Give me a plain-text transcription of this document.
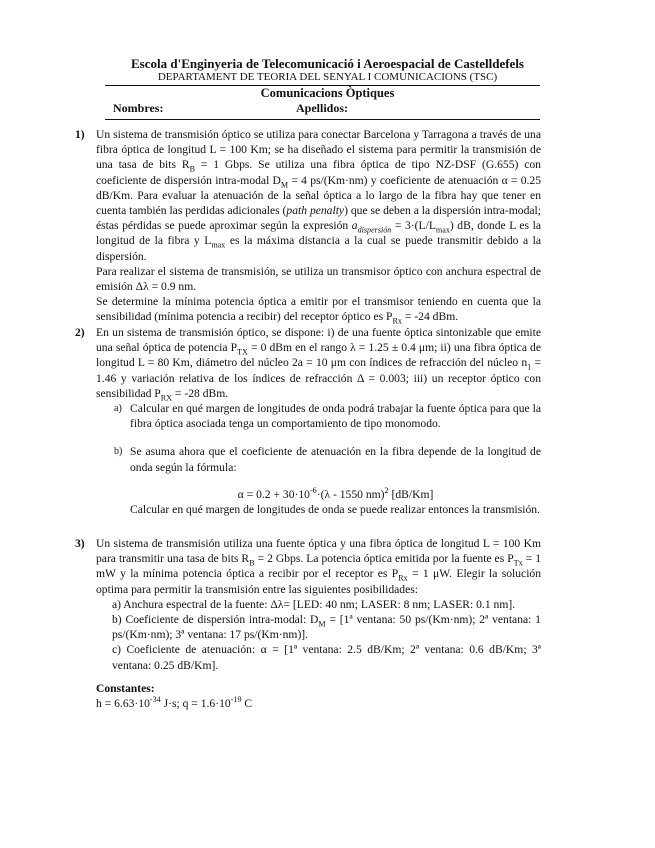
Escola d'Enginyeria de Telecomunicació i Aeroespacial de Castelldefels
DEPARTAMENT DE TEORIA DEL SENYAL I COMUNICACIONS (TSC)
Comunicacions Òptiques
Nombres:	Apellidos:
1) Un sistema de transmisión óptico se utiliza para conectar Barcelona y Tarragona a través de una fibra óptica de longitud L = 100 Km; se ha diseñado el sistema para permitir la transmisión de una tasa de bits $R_B = 1$ Gbps. Se utiliza una fibra óptica de tipo NZ-DSF (G.655) con coeficiente de dispersión intra-modal $D_M = 4$ ps/(Km·nm) y coeficiente de atenuación α = 0.25 dB/Km. Para evaluar la atenuación de la señal óptica a lo largo de la fibra hay que tener en cuenta también las perdidas adicionales (path penalty) que se deben a la dispersión intra-modal; éstas pérdidas se puede aproximar según la expresión $a_{dispersión} = 3\cdot(L/L_{max})$ dB, donde L es la longitud de la fibra y $L_{max}$ es la máxima distancia a la cual se puede transmitir debido a la dispersión.

Para realizar el sistema de transmisión, se utiliza un transmisor óptico con anchura espectral de emisión Δλ = 0.9 nm.

Se determine la mínima potencia óptica a emitir por el transmisor teniendo en cuenta que la sensibilidad (mínima potencia a recibir) del receptor óptico es $P_{Rx} = -24$ dBm.

2) En un sistema de transmisión óptico, se dispone: i) de una fuente óptica sintonizable que emite una señal óptica de potencia $P_{TX} = 0$ dBm en el rango λ = 1.25 ± 0.4 μm; ii) una fibra óptica de longitud L = 80 Km, diámetro del núcleo 2a = 10 μm con índices de refracción del núcleo $n_1 = 1.46$ y variación relativa de los índices de refracción Δ = 0.003; iii) un receptor óptico con sensibilidad $P_{RX} = -28$ dBm.

a) Calcular en qué margen de longitudes de onda podrá trabajar la fuente óptica para que la fibra óptica asociada tenga un comportamiento de tipo monomodo.

b) Se asuma ahora que el coeficiente de atenuación en la fibra depende de la longitud de onda según la fórmula:

$\alpha = 0.2 + 30\cdot 10^{-6}\cdot(\lambda - 1550$ nm)$^2$ [dB/Km]

Calcular en qué margen de longitudes de onda se puede realizar entonces la transmisión.

3) Un sistema de transmisión utiliza una fuente óptica y una fibra óptica de longitud L = 100 Km para transmitir una tasa de bits $R_B = 2$ Gbps. La potencia óptica emitida por la fuente es $P_{Tx} = 1$ mW y la mínima potencia óptica a recibir por el receptor es $P_{Rx} = 1$ μW. Elegir la solución optima para permitir la transmisión entre las siguientes posibilidades:

a) Anchura espectral de la fuente: Δλ= [LED: 40 nm; LASER: 8 nm; LASER: 0.1 nm].

b) Coeficiente de dispersión intra-modal: $D_M$ = [1ª ventana: 50 ps/(Km·nm); 2ª ventana: 1 ps/(Km·nm); 3ª ventana: 17 ps/(Km·nm)].

c) Coeficiente de atenuación: α = [1ª ventana: 2.5 dB/Km; 2ª ventana: 0.6 dB/Km; 3ª ventana: 0.25 dB/Km].

Constantes:
$h = 6.63\cdot 10^{-34}$ J·s; $q = 1.6\cdot 10^{-19}$ C
